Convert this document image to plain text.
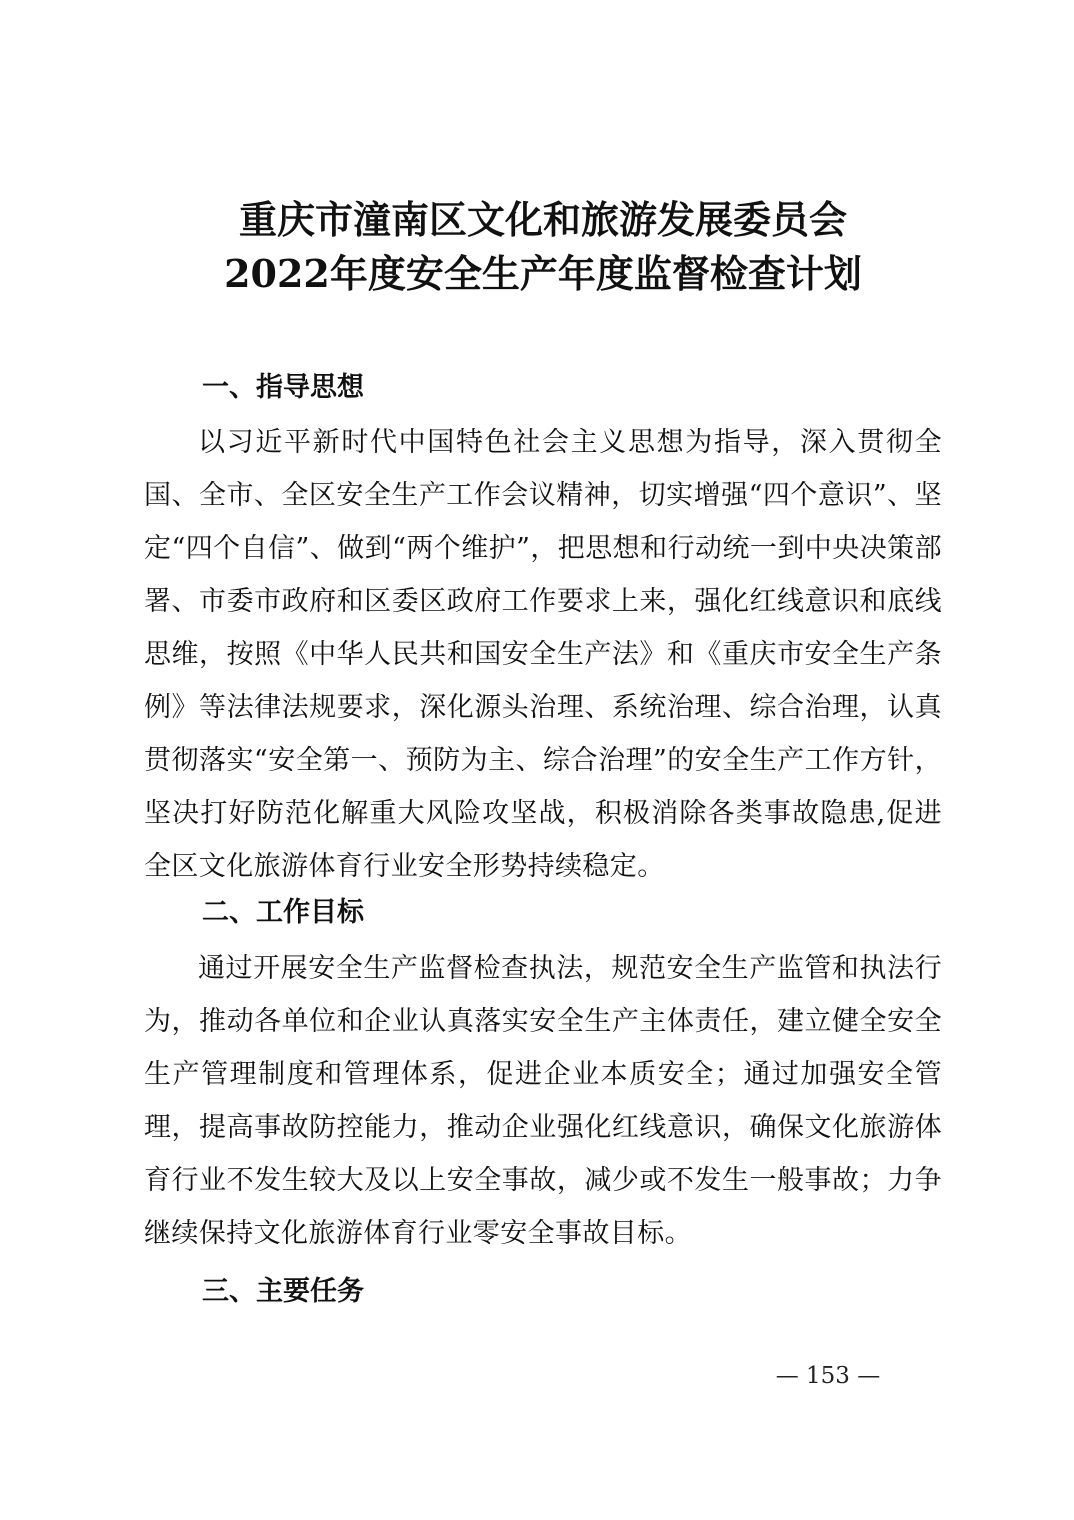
重庆市潼南区文化和旅游发展委员会
2022年度安全生产年度监督检查计划
一、指导思想

以习近平新时代中国特色社会主义思想为指导，深入贯彻全国、全市、全区安全生产工作会议精神，切实增强“四个意识”、坚定“四个自信”、做到“两个维护”，把思想和行动统一到中央决策部署、市委市政府和区委区政府工作要求上来，强化红线意识和底线思维，按照《中华人民共和国安全生产法》和《重庆市安全生产条例》等法律法规要求，深化源头治理、系统治理、综合治理，认真贯彻落实“安全第一、预防为主、综合治理”的安全生产工作方针，坚决打好防范化解重大风险攻坚战，积极消除各类事故隐患,促进全区文化旅游体育行业安全形势持续稳定。

二、工作目标

通过开展安全生产监督检查执法，规范安全生产监管和执法行为，推动各单位和企业认真落实安全生产主体责任，建立健全安全生产管理制度和管理体系，促进企业本质安全；通过加强安全管理，提高事故防控能力，推动企业强化红线意识，确保文化旅游体育行业不发生较大及以上安全事故，减少或不发生一般事故；力争继续保持文化旅游体育行业零安全事故目标。

三、主要任务
— 153 —
